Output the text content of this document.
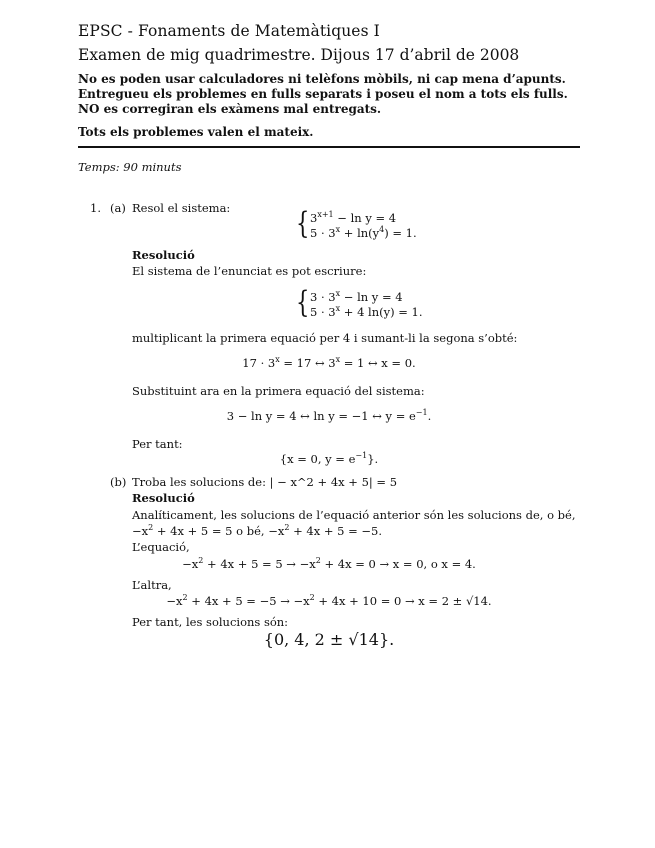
EPSC - Fonaments de Matemàtiques I
Examen de mig quadrimestre. Dijous 17 d’abril de 2008
No es poden usar calculadores ni telèfons mòbils, ni cap mena d’apunts.
Entregueu els problemes en fulls separats i poseu el nom a tots els fulls.
NO es corregiran els exàmens mal entregats.
Tots els problemes valen el mateix.
Temps: 90 minuts
1. (a) Resol el sistema: { $3^{x+1} - \ln y = 4$
$5 \cdot 3^x + \ln(y^4) = 1$.
Resolució
El sistema de l’enunciat es pot escriure:
{ $3 \cdot 3^x - \ln y = 4$
$5 \cdot 3^x + 4$ ln(y) = 1.
multiplicant la primera equació per 4 i sumant-li la segona s’obté:
$17 \cdot 3^x = 17$ ↔ $3^x = 1$ ↔ x = 0.
Substituint ara en la primera equació del sistema:
3 − ln y = 4 ↔ ln y = −1 ↔ $y = e^{-1}$.
Per tant:
{x = 0, $y = e^{-1}$}.
(b) Troba les solucions de: | − x^2 + 4x + 5| = 5
Resolució
Analíticament, les solucions de l’equació anterior són les solucions de, o bé,
$-x^2 + 4x + 5 = 5$ o bé, $-x^2 + 4x + 5 = -5$.
L’equació,
$-x^2 + 4x + 5 = 5 \to -x^2 + 4x = 0 \to x = 0$, o x = 4.
L’altra,
$-x^2 + 4x + 5 = -5 \to -x^2 + 4x + 10 = 0 \to x = 2 \pm √14$.
Per tant, les solucions són:
{0, 4, 2 ± √14}.
